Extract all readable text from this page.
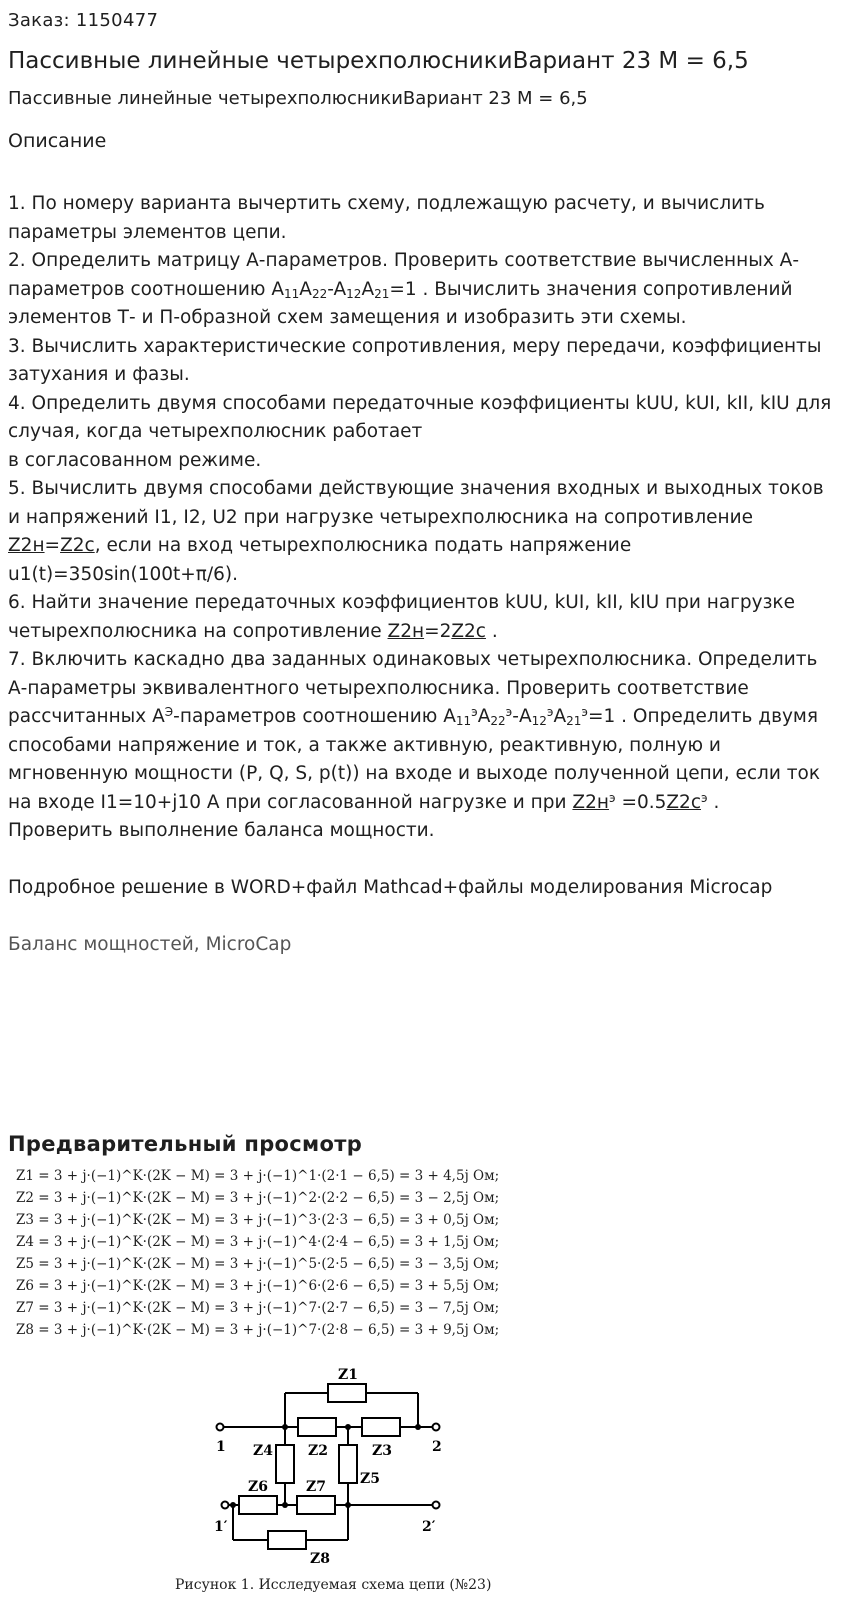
Заказ: 1150477
Пассивные линейные четырехполюсникиВариант 23 М = 6,5
Пассивные линейные четырехполюсникиВариант 23 М = 6,5
Описание

1. По номеру варианта вычертить схему, подлежащую расчету, и вычислить параметры элементов цепи.

2. Определить матрицу А-параметров. Проверить соответствие вычисленных А-параметров соотношению $A_{11}A_{22}-A_{12}A_{21}=1$ . Вычислить значения сопротивлений элементов Т- и П-образной схем замещения и изобразить эти схемы.

3. Вычислить характеристические сопротивления, меру передачи, коэффициенты затухания и фазы.

4. Определить двумя способами передаточные коэффициенты kUU, kUI, kII, kIU для случая, когда четырехполюсник работает
в согласованном режиме.

5. Вычислить двумя способами действующие значения входных и выходных токов и напряжений I1, I2, U2 при нагрузке четырехполюсника на сопротивление Z2н=Z2c, если на вход четырехполюсника подать напряжение u1(t)=350sin(100t+π/6).

6. Найти значение передаточных коэффициентов kUU, kUI, kII, kIU при нагрузке четырехполюсника на сопротивление Z2н=2Z2c .

7. Включить каскадно два заданных одинаковых четырехполюсника. Определить А-параметры эквивалентного четырехполюсника. Проверить соответствие рассчитанных $A^Э$-параметров соотношению $A_{11}^эA_{22}^э-A_{12}^эA_{21}^э=1$ . Определить двумя способами напряжение и ток, а также активную, реактивную, полную и мгновенную мощности (P, Q, S, p(t)) на входе и выходе полученной цепи, если ток на входе I1=10+j10 А при согласованной нагрузке и при $Z2н^э =0.5Z2c^э$ .
Проверить выполнение баланса мощности.

Подробное решение в WORD+файл Mathcad+файлы моделирования Microcap

Баланс мощностей, MicroCap

Предварительный просмотр
Z1 = 3 + j·(−1)^K·(2K − M) = 3 + j·(−1)^1·(2·1 − 6,5) = 3 + 4,5j Ом;
Z2 = 3 + j·(−1)^K·(2K − M) = 3 + j·(−1)^2·(2·2 − 6,5) = 3 − 2,5j Ом;
Z3 = 3 + j·(−1)^K·(2K − M) = 3 + j·(−1)^3·(2·3 − 6,5) = 3 + 0,5j Ом;
Z4 = 3 + j·(−1)^K·(2K − M) = 3 + j·(−1)^4·(2·4 − 6,5) = 3 + 1,5j Ом;
Z5 = 3 + j·(−1)^K·(2K − M) = 3 + j·(−1)^5·(2·5 − 6,5) = 3 − 3,5j Ом;
Z6 = 3 + j·(−1)^K·(2K − M) = 3 + j·(−1)^6·(2·6 − 6,5) = 3 + 5,5j Ом;
Z7 = 3 + j·(−1)^K·(2K − M) = 3 + j·(−1)^7·(2·7 − 6,5) = 3 − 7,5j Ом;
Z8 = 3 + j·(−1)^K·(2K − M) = 3 + j·(−1)^7·(2·8 − 6,5) = 3 + 9,5j Ом;
Z1
Z2	Z3
Z4
Z5
Z6	Z7
Z8
1	2
1′	2′
Рисунок 1. Исследуемая схема цепи (№23)
